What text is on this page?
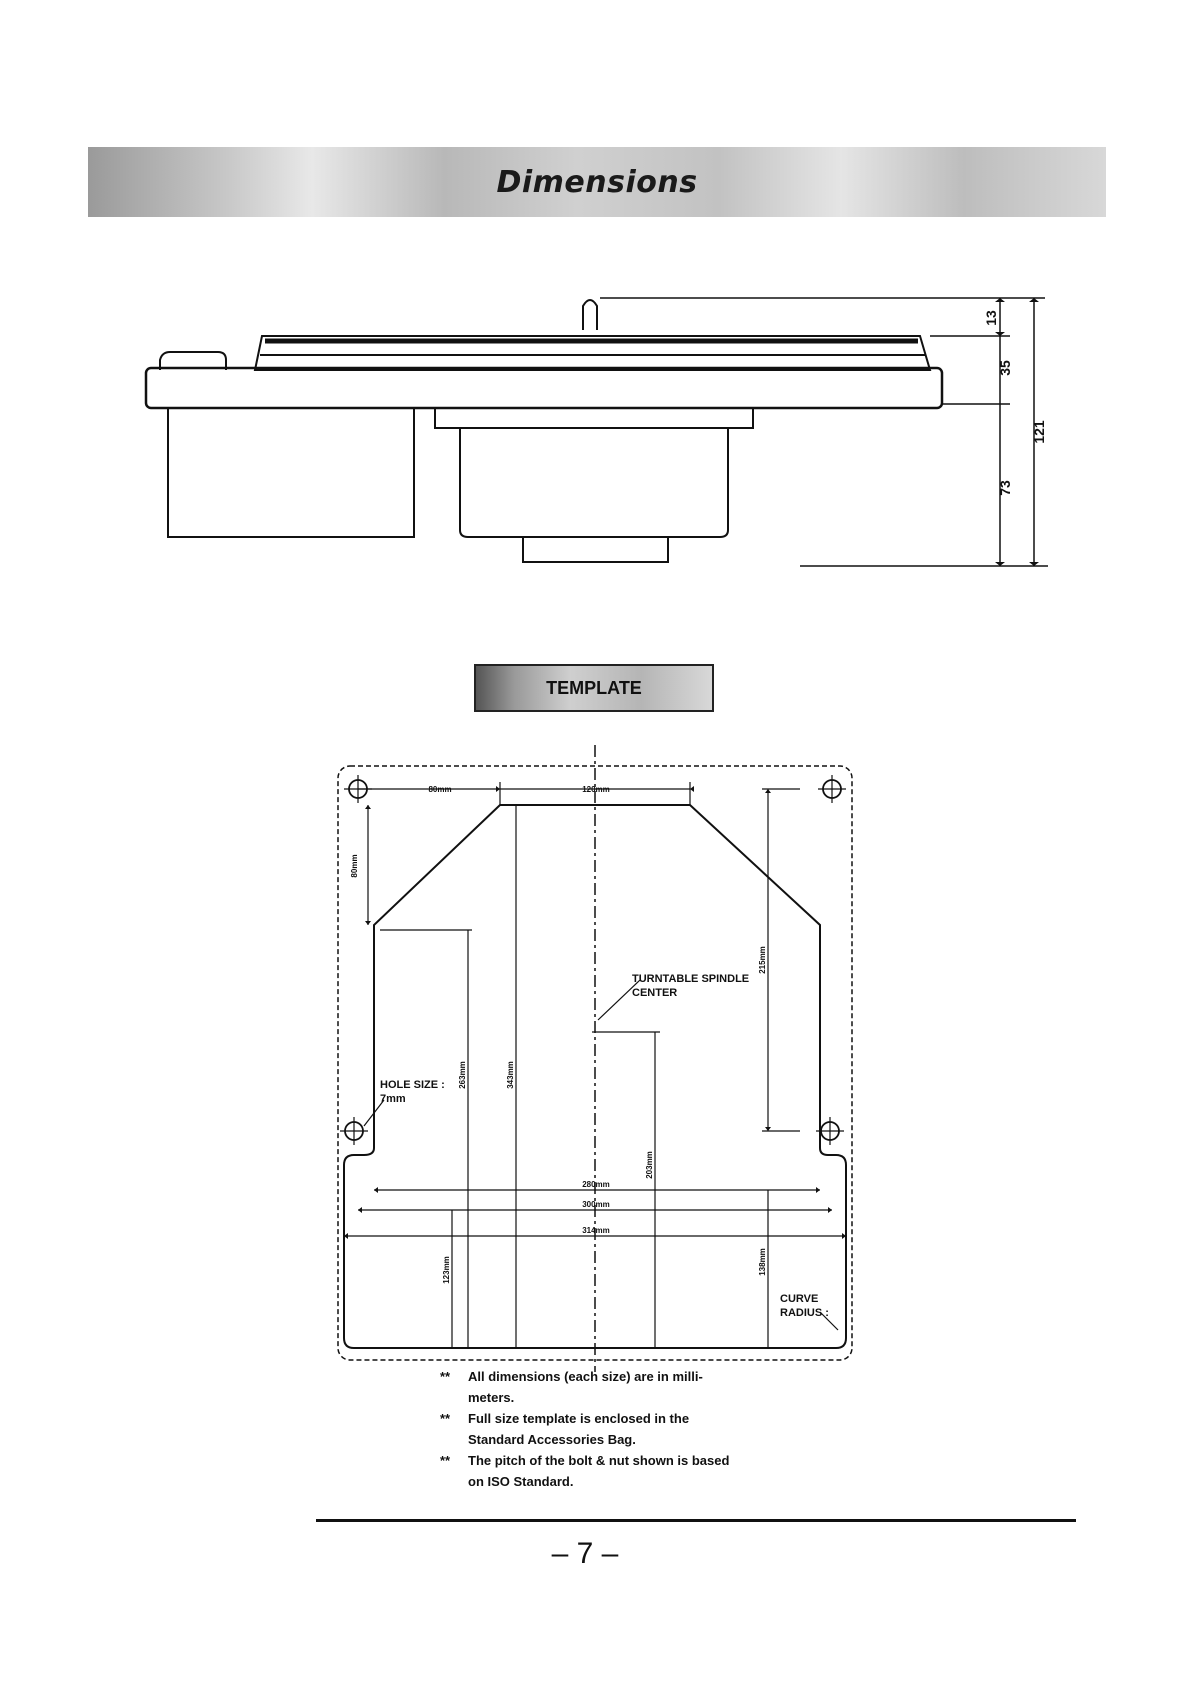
Dimensions
13
35
121
73
TEMPLATE
80mm	120mm
80mm
215mm
263mm	343mm
203mm
280mm
300mm
314mm
123mm	138mm
TURNTABLE SPINDLE
CENTER
HOLE SIZE :
7mm
CURVE
RADIUS :
** All dimensions (each size) are in milli-meters.
** Full size template is enclosed in the Standard Accessories Bag.
** The pitch of the bolt & nut shown is based on ISO Standard.
– 7 –
